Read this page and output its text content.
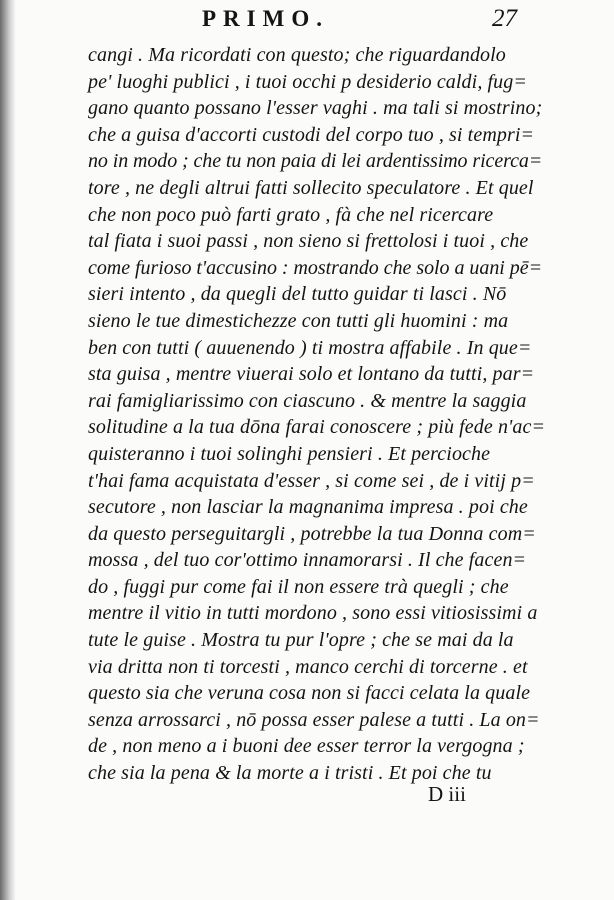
PRIMO.	27
cangi . Ma ricordati con questo; che riguardandolo
pe' luoghi publici , i tuoi occhi p desiderio caldi, fug=
gano quanto possano l'esser vaghi . ma tali si mostrino;
che a guisa d'accorti custodi del corpo tuo , si tempri=
no in modo ; che tu non paia di lei ardentissimo ricerca=
tore , ne degli altrui fatti sollecito speculatore . Et quel
che non poco può farti grato , fà che nel ricercare
tal fiata i suoi passi , non sieno si frettolosi i tuoi , che
come furioso t'accusino : mostrando che solo a uani pē=
sieri intento , da quegli del tutto guidar ti lasci . Nō
sieno le tue dimestichezze con tutti gli huomini : ma
ben con tutti ( auuenendo ) ti mostra affabile . In que=
sta guisa , mentre viuerai solo et lontano da tutti, par=
rai famigliarissimo con ciascuno . & mentre la saggia
solitudine a la tua dōna farai conoscere ; più fede n'ac=
quisteranno i tuoi solinghi pensieri . Et percioche
t'hai fama acquistata d'esser , si come sei , de i vitij p=
secutore , non lasciar la magnanima impresa . poi che
da questo perseguitargli , potrebbe la tua Donna com=
mossa , del tuo cor'ottimo innamorarsi . Il che facen=
do , fuggi pur come fai il non essere trà quegli ; che
mentre il vitio in tutti mordono , sono essi vitiosissimi a
tute le guise . Mostra tu pur l'opre ; che se mai da la
via dritta non ti torcesti , manco cerchi di torcerne . et
questo sia che veruna cosa non si facci celata la quale
senza arrossarci , nō possa esser palese a tutti . La on=
de , non meno a i buoni dee esser terror la vergogna ;
che sia la pena & la morte a i tristi . Et poi che tu
D iii
